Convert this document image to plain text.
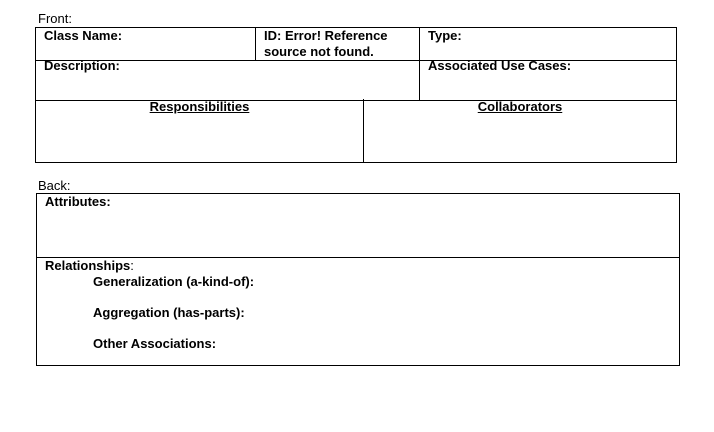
Front:
Class Name:	ID: Error! Reference source not found.	Type:
Description:	Associated Use Cases:
Responsibilities	Collaborators
Back:
Attributes:

Relationships:
Generalization (a-kind-of):
Aggregation (has-parts):
Other Associations:
